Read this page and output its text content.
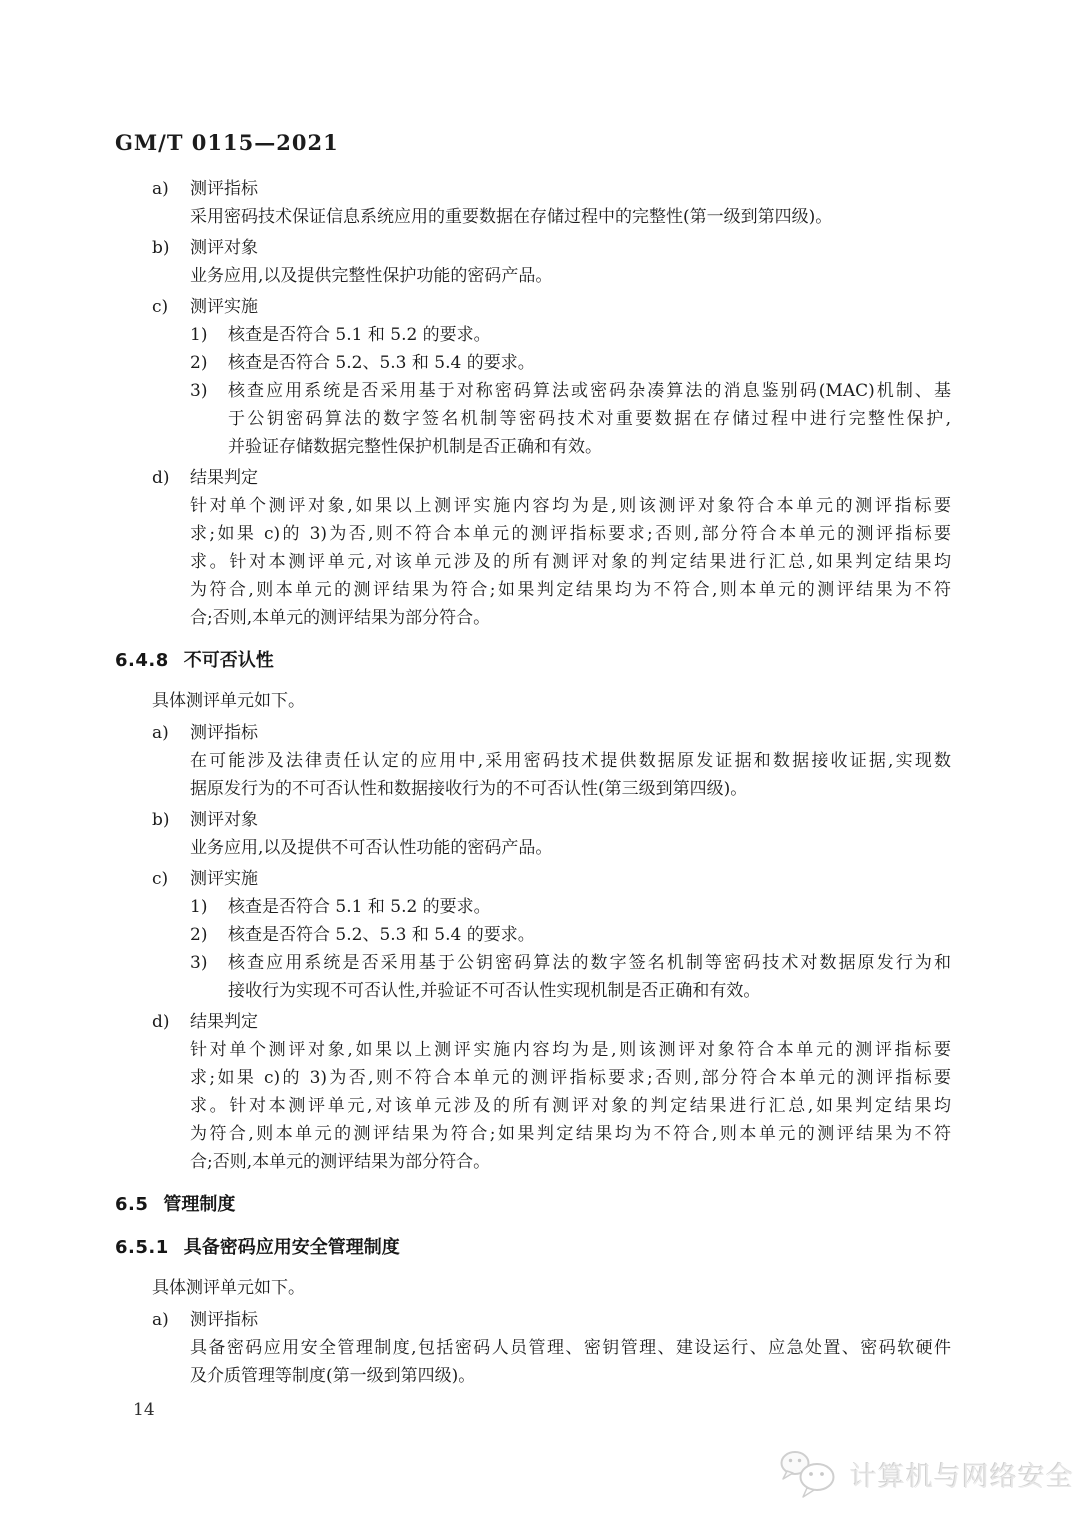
GM/T 0115—2021
a)	测评指标
采用密码技术保证信息系统应用的重要数据在存储过程中的完整性(第一级到第四级)。
b)	测评对象
业务应用,以及提供完整性保护功能的密码产品。
c)	测评实施
1)	核查是否符合 5.1 和 5.2 的要求。
2)	核查是否符合 5.2、5.3 和 5.4 的要求。
3)	核查应用系统是否采用基于对称密码算法或密码杂凑算法的消息鉴别码(MAC)机制、基
于公钥密码算法的数字签名机制等密码技术对重要数据在存储过程中进行完整性保护,
并验证存储数据完整性保护机制是否正确和有效。
d)	结果判定
针对单个测评对象,如果以上测评实施内容均为是,则该测评对象符合本单元的测评指标要
求;如果 c)的 3)为否,则不符合本单元的测评指标要求;否则,部分符合本单元的测评指标要
求。针对本测评单元,对该单元涉及的所有测评对象的判定结果进行汇总,如果判定结果均
为符合,则本单元的测评结果为符合;如果判定结果均为不符合,则本单元的测评结果为不符
合;否则,本单元的测评结果为部分符合。
6.4.8 不可否认性
具体测评单元如下。
a)	测评指标
在可能涉及法律责任认定的应用中,采用密码技术提供数据原发证据和数据接收证据,实现数
据原发行为的不可否认性和数据接收行为的不可否认性(第三级到第四级)。
b)	测评对象
业务应用,以及提供不可否认性功能的密码产品。
c)	测评实施
1)	核查是否符合 5.1 和 5.2 的要求。
2)	核查是否符合 5.2、5.3 和 5.4 的要求。
3)	核查应用系统是否采用基于公钥密码算法的数字签名机制等密码技术对数据原发行为和
接收行为实现不可否认性,并验证不可否认性实现机制是否正确和有效。
d)	结果判定
针对单个测评对象,如果以上测评实施内容均为是,则该测评对象符合本单元的测评指标要
求;如果 c)的 3)为否,则不符合本单元的测评指标要求;否则,部分符合本单元的测评指标要
求。针对本测评单元,对该单元涉及的所有测评对象的判定结果进行汇总,如果判定结果均
为符合,则本单元的测评结果为符合;如果判定结果均为不符合,则本单元的测评结果为不符
合;否则,本单元的测评结果为部分符合。
6.5 管理制度
6.5.1 具备密码应用安全管理制度
具体测评单元如下。
a)	测评指标
具备密码应用安全管理制度,包括密码人员管理、密钥管理、建设运行、应急处置、密码软硬件
及介质管理等制度(第一级到第四级)。
14
计算机与网络安全
